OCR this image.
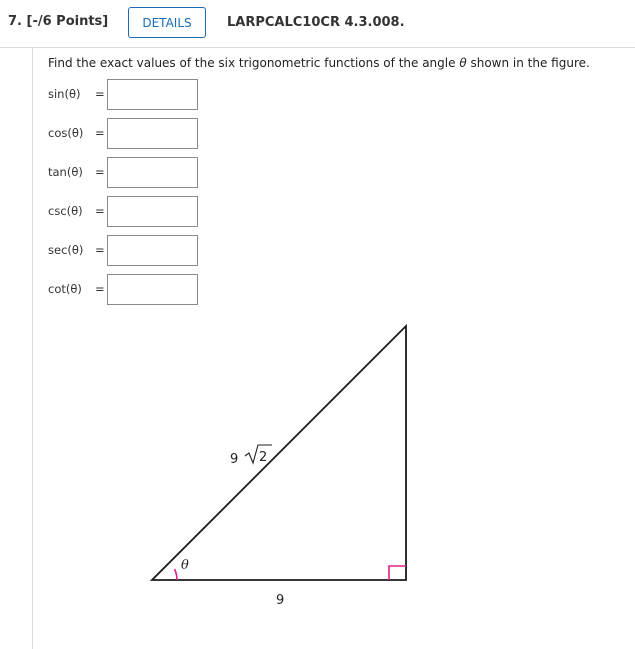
7. [-/6 Points]	DETAILS	LARPCALC10CR 4.3.008.
Find the exact values of the six trigonometric functions of the angle θ shown in the figure.
sin(θ) =
cos(θ) =
tan(θ) =
csc(θ) =
sec(θ) =
cot(θ) =
θ
9
9 2
